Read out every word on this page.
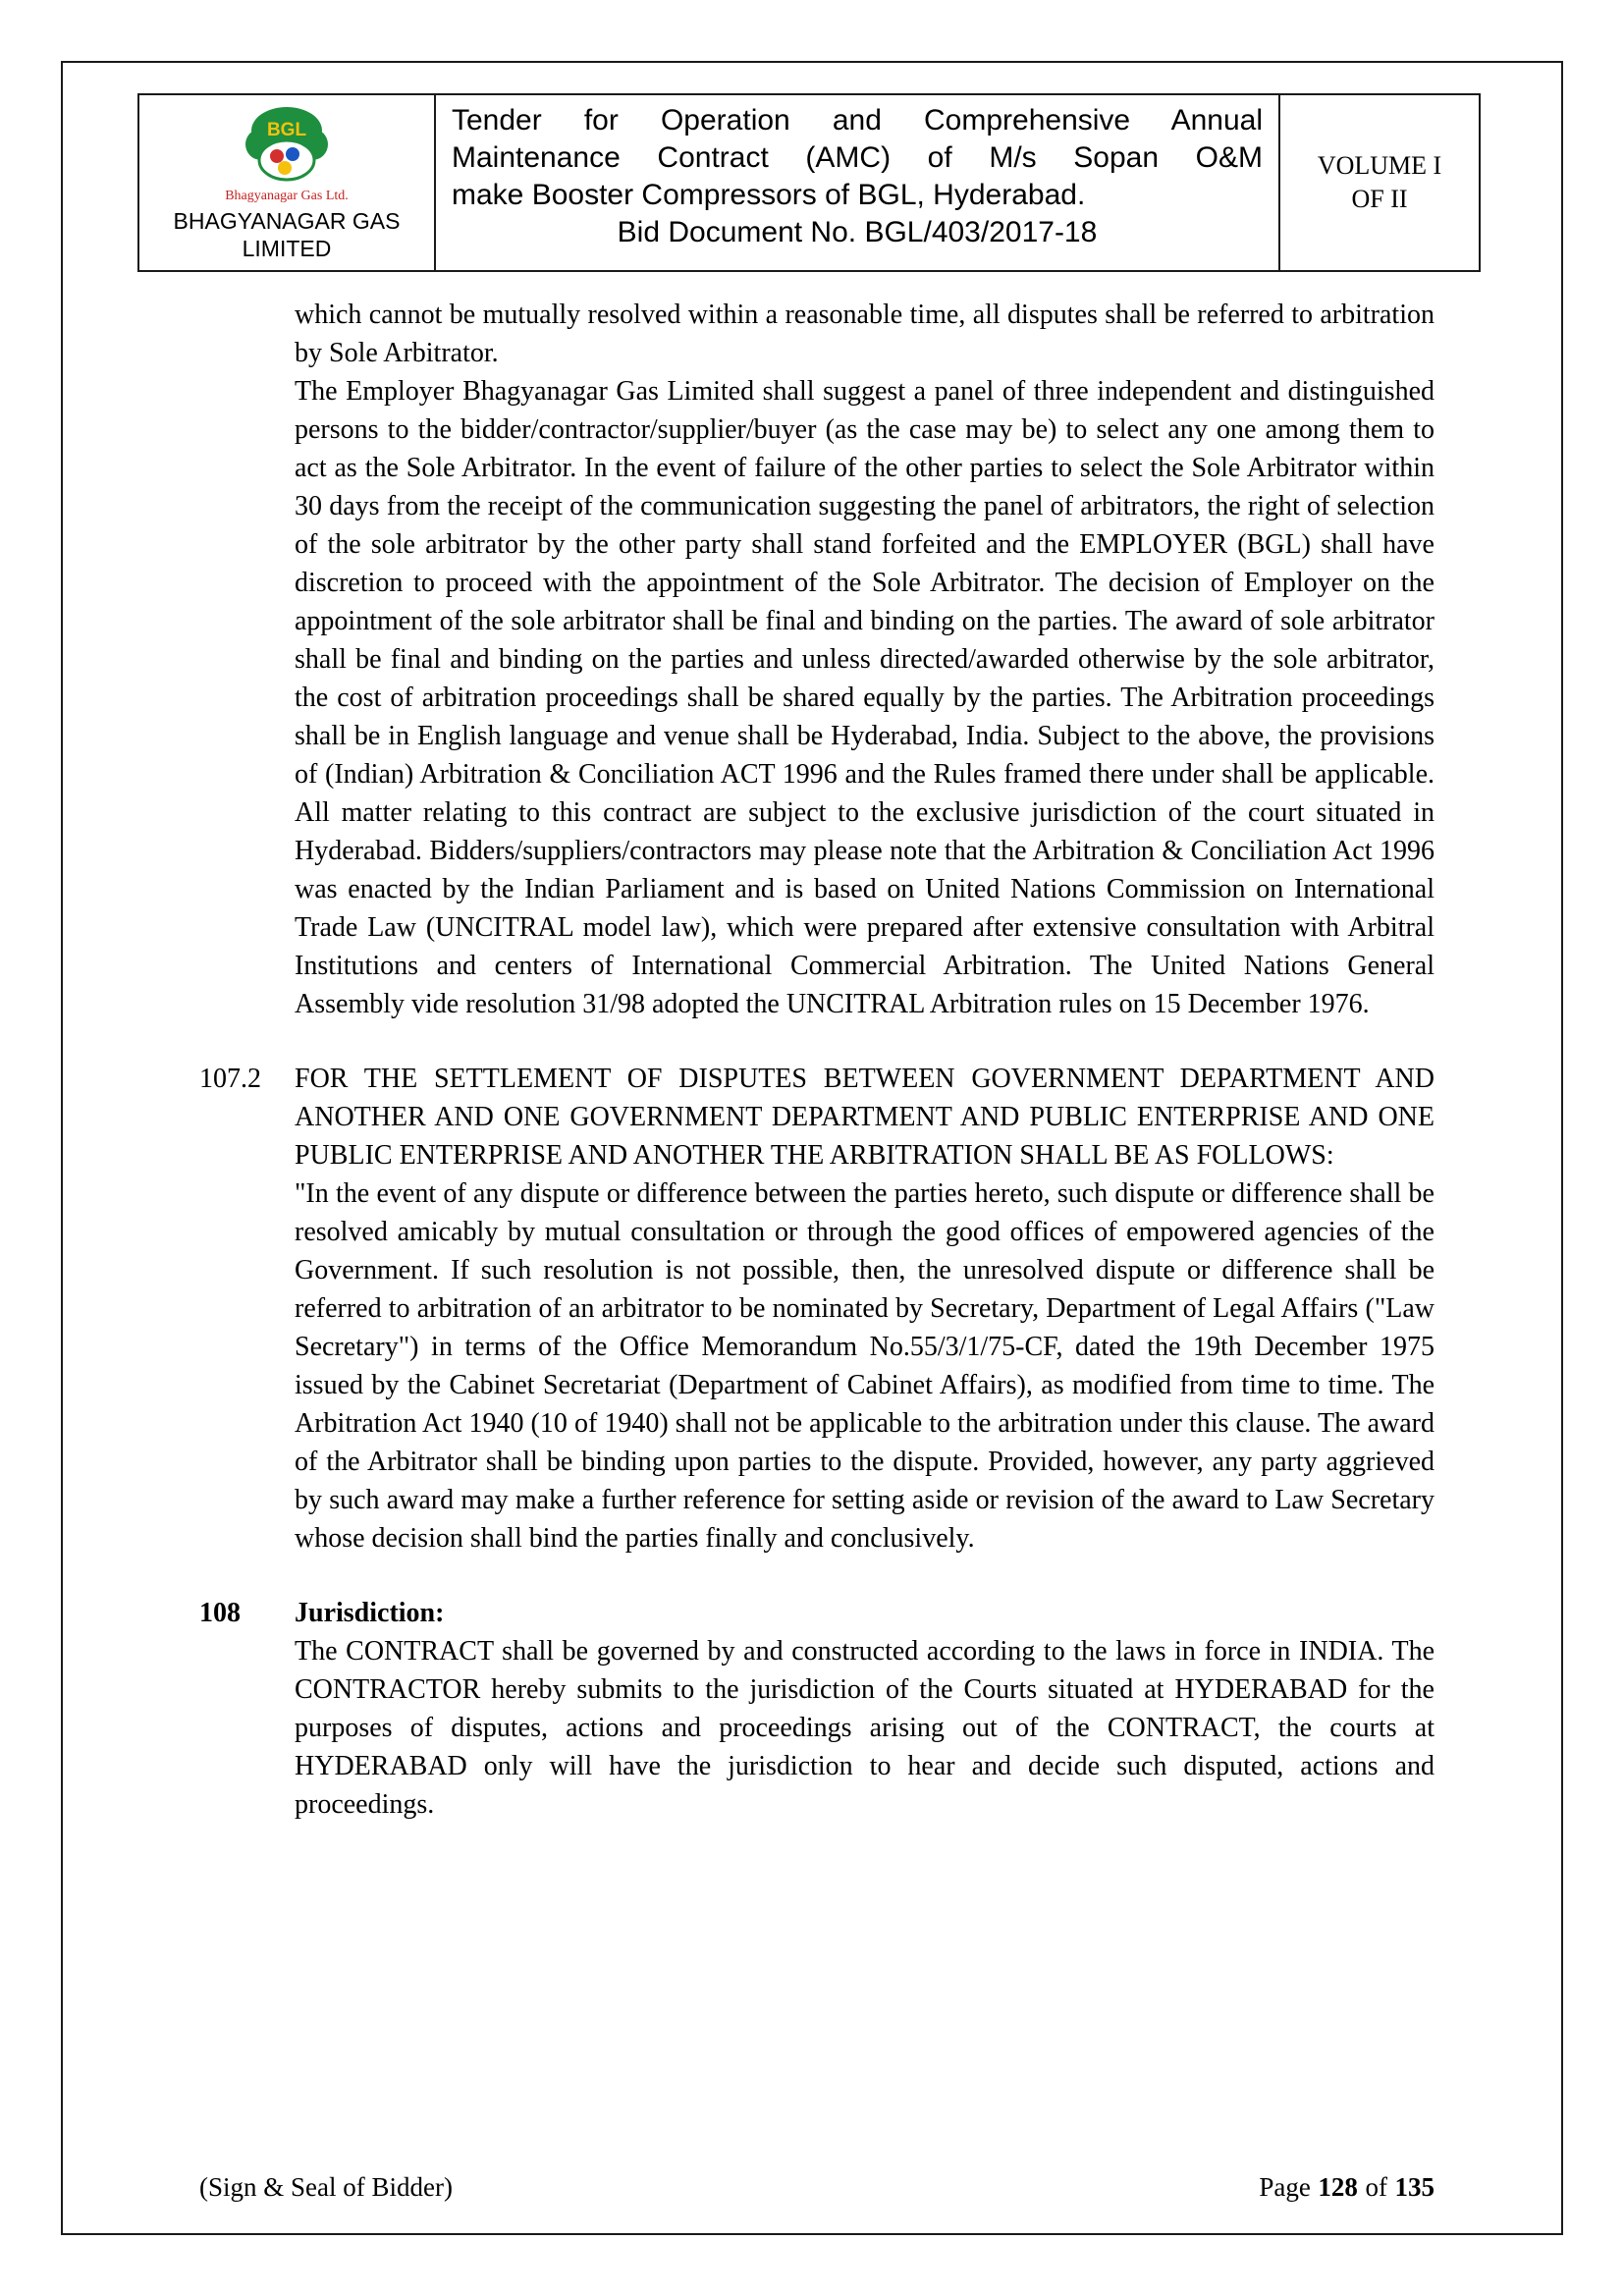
BGL
Bhagyanagar Gas Ltd.
BHAGYANAGAR GAS
LIMITED
Tender for Operation and Comprehensive Annual
Maintenance Contract (AMC) of M/s Sopan O&M
make Booster Compressors of BGL, Hyderabad.
Bid Document No. BGL/403/2017-18
VOLUME I
OF II
which cannot be mutually resolved within a reasonable time, all disputes shall be referred to arbitration by Sole Arbitrator.
The Employer Bhagyanagar Gas Limited shall suggest a panel of three independent and distinguished persons to the bidder/contractor/supplier/buyer (as the case may be) to select any one among them to act as the Sole Arbitrator. In the event of failure of the other parties to select the Sole Arbitrator within 30 days from the receipt of the communication suggesting the panel of arbitrators, the right of selection of the sole arbitrator by the other party shall stand forfeited and the EMPLOYER (BGL) shall have discretion to proceed with the appointment of the Sole Arbitrator. The decision of Employer on the appointment of the sole arbitrator shall be final and binding on the parties. The award of sole arbitrator shall be final and binding on the parties and unless directed/awarded otherwise by the sole arbitrator, the cost of arbitration proceedings shall be shared equally by the parties. The Arbitration proceedings shall be in English language and venue shall be Hyderabad, India. Subject to the above, the provisions of (Indian) Arbitration & Conciliation ACT 1996 and the Rules framed there under shall be applicable. All matter relating to this contract are subject to the exclusive jurisdiction of the court situated in Hyderabad. Bidders/suppliers/contractors may please note that the Arbitration & Conciliation Act 1996 was enacted by the Indian Parliament and is based on United Nations Commission on International Trade Law (UNCITRAL model law), which were prepared after extensive consultation with Arbitral Institutions and centers of International Commercial Arbitration. The United Nations General Assembly vide resolution 31/98 adopted the UNCITRAL Arbitration rules on 15 December 1976.
107.2	FOR THE SETTLEMENT OF DISPUTES BETWEEN GOVERNMENT DEPARTMENT AND ANOTHER AND ONE GOVERNMENT DEPARTMENT AND PUBLIC ENTERPRISE AND ONE PUBLIC ENTERPRISE AND ANOTHER THE ARBITRATION SHALL BE AS FOLLOWS:
"In the event of any dispute or difference between the parties hereto, such dispute or difference shall be resolved amicably by mutual consultation or through the good offices of empowered agencies of the Government. If such resolution is not possible, then, the unresolved dispute or difference shall be referred to arbitration of an arbitrator to be nominated by Secretary, Department of Legal Affairs ("Law Secretary") in terms of the Office Memorandum No.55/3/1/75-CF, dated the 19th December 1975 issued by the Cabinet Secretariat (Department of Cabinet Affairs), as modified from time to time. The Arbitration Act 1940 (10 of 1940) shall not be applicable to the arbitration under this clause. The award of the Arbitrator shall be binding upon parties to the dispute. Provided, however, any party aggrieved by such award may make a further reference for setting aside or revision of the award to Law Secretary whose decision shall bind the parties finally and conclusively.
108	Jurisdiction:
The CONTRACT shall be governed by and constructed according to the laws in force in INDIA. The CONTRACTOR hereby submits to the jurisdiction of the Courts situated at HYDERABAD for the purposes of disputes, actions and proceedings arising out of the CONTRACT, the courts at HYDERABAD only will have the jurisdiction to hear and decide such disputed, actions and proceedings.
(Sign & Seal of Bidder)	Page 128 of 135
